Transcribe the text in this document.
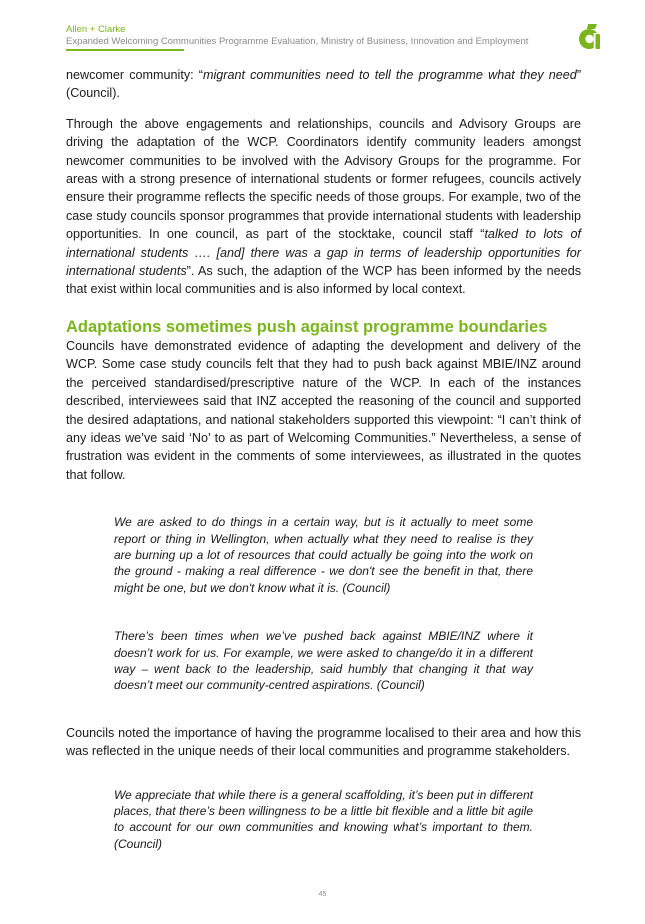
Allen + Clarke
Expanded Welcoming Communities Programme Evaluation, Ministry of Business, Innovation and Employment

newcomer community: “migrant communities need to tell the programme what they need” (Council).

Through the above engagements and relationships, councils and Advisory Groups are driving the adaptation of the WCP. Coordinators identify community leaders amongst newcomer communities to be involved with the Advisory Groups for the programme. For areas with a strong presence of international students or former refugees, councils actively ensure their programme reflects the specific needs of those groups. For example, two of the case study councils sponsor programmes that provide international students with leadership opportunities. In one council, as part of the stocktake, council staff “talked to lots of international students …. [and] there was a gap in terms of leadership opportunities for international students”. As such, the adaption of the WCP has been informed by the needs that exist within local communities and is also informed by local context.

Adaptations sometimes push against programme boundaries

Councils have demonstrated evidence of adapting the development and delivery of the WCP. Some case study councils felt that they had to push back against MBIE/INZ around the perceived standardised/prescriptive nature of the WCP. In each of the instances described, interviewees said that INZ accepted the reasoning of the council and supported the desired adaptations, and national stakeholders supported this viewpoint: “I can’t think of any ideas we’ve said ‘No’ to as part of Welcoming Communities.” Nevertheless, a sense of frustration was evident in the comments of some interviewees, as illustrated in the quotes that follow.

We are asked to do things in a certain way, but is it actually to meet some report or thing in Wellington, when actually what they need to realise is they are burning up a lot of resources that could actually be going into the work on the ground - making a real difference - we don't see the benefit in that, there might be one, but we don't know what it is. (Council)

There’s been times when we’ve pushed back against MBIE/INZ where it doesn’t work for us. For example, we were asked to change/do it in a different way – went back to the leadership, said humbly that changing it that way doesn’t meet our community-centred aspirations. (Council)

Councils noted the importance of having the programme localised to their area and how this was reflected in the unique needs of their local communities and programme stakeholders.

We appreciate that while there is a general scaffolding, it’s been put in different places, that there’s been willingness to be a little bit flexible and a little bit agile to account for our own communities and knowing what’s important to them. (Council)

45
